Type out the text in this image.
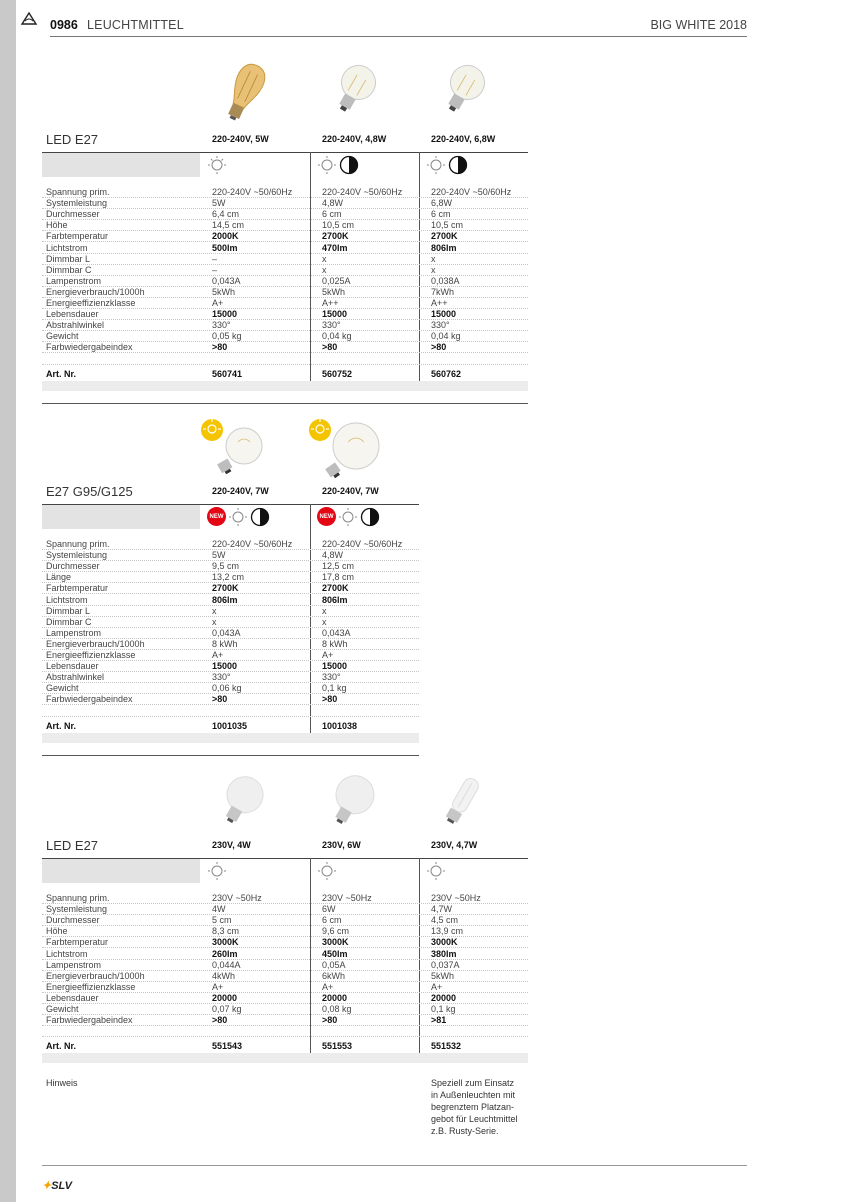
0986 LEUCHTMITTEL	BIG WHITE 2018
LED E27	220-240V, 5W	220-240V, 4,8W	220-240V, 6,8W
Spannung prim.	220-240V ~50/60Hz	220-240V ~50/60Hz	220-240V ~50/60Hz
Systemleistung	5W	4,8W	6,8W
Durchmesser	6,4 cm	6 cm	6 cm
Höhe	14,5 cm	10,5 cm	10,5 cm
Farbtemperatur	2000K	2700K	2700K
Lichtstrom	500lm	470lm	806lm
Dimmbar L	–	x	x
Dimmbar C	–	x	x
Lampenstrom	0,043A	0,025A	0,038A
Energieverbrauch/1000h	5kWh	5kWh	7kWh
Energieeffizienzklasse	A+	A++	A++
Lebensdauer	15000	15000	15000
Abstrahlwinkel	330°	330°	330°
Gewicht	0,05 kg	0,04 kg	0,04 kg
Farbwiedergabeindex	>80	>80	>80
Art. Nr.	560741	560752	560762
E27 G95/G125	220-240V, 7W	220-240V, 7W
NEW	NEW
Spannung prim.	220-240V ~50/60Hz	220-240V ~50/60Hz
Systemleistung	5W	4,8W
Durchmesser	9,5 cm	12,5 cm
Länge	13,2 cm	17,8 cm
Farbtemperatur	2700K	2700K
Lichtstrom	806lm	806lm
Dimmbar L	x	x
Dimmbar C	x	x
Lampenstrom	0,043A	0,043A
Energieverbrauch/1000h	8 kWh	8 kWh
Energieeffizienzklasse	A+	A+
Lebensdauer	15000	15000
Abstrahlwinkel	330°	330°
Gewicht	0,06 kg	0,1 kg
Farbwiedergabeindex	>80	>80
Art. Nr.	1001035	1001038
LED E27	230V, 4W	230V, 6W	230V, 4,7W
Spannung prim.	230V ~50Hz	230V ~50Hz	230V ~50Hz
Systemleistung	4W	6W	4,7W
Durchmesser	5 cm	6 cm	4,5 cm
Höhe	8,3 cm	9,6 cm	13,9 cm
Farbtemperatur	3000K	3000K	3000K
Lichtstrom	260lm	450lm	380lm
Lampenstrom	0,044A	0,05A	0,037A
Energieverbrauch/1000h	4kWh	6kWh	5kWh
Energieeffizienzklasse	A+	A+	A+
Lebensdauer	20000	20000	20000
Gewicht	0,07 kg	0,08 kg	0,1 kg
Farbwiedergabeindex	>80	>80	>81
Art. Nr.	551543	551553	551532
Hinweis	Speziell zum Einsatz
in Außenleuchten mit
begrenztem Platzan-
gebot für Leuchtmittel
z.B. Rusty-Serie.
✦SLV
